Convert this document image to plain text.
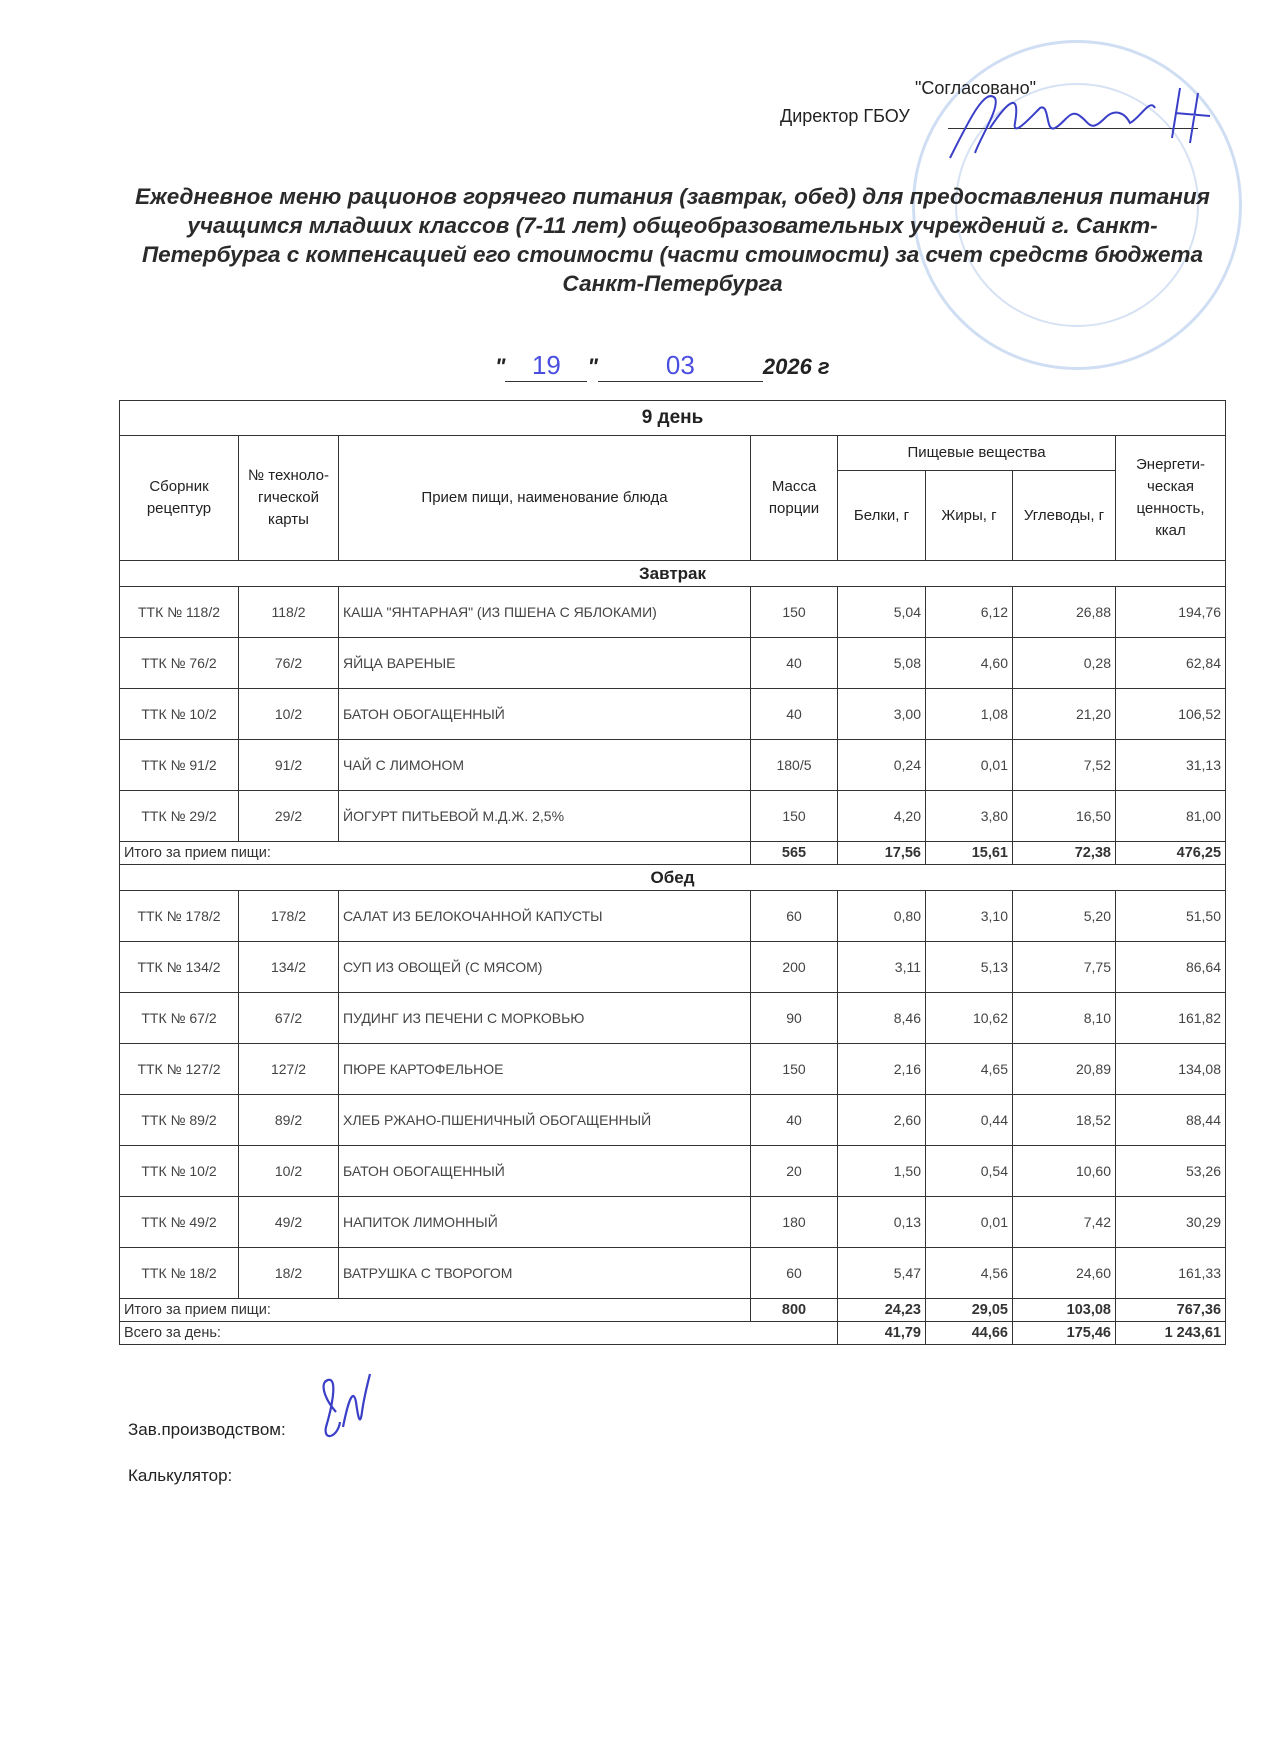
"Согласовано"
Директор ГБОУ
Ежедневное меню рационов горячего питания (завтрак, обед) для предоставления питания учащимся младших классов (7-11 лет) общеобразовательных учреждений г. Санкт-Петербурга с компенсацией его стоимости (части стоимости) за счет средств бюджета Санкт-Петербурга
" 19 "	03	2026 г
9 день							
Сборник рецептур	№ техноло-гической карты	Прием пищи, наименование блюда	Масса порции	Пищевые вещества			Энергети-ческая ценность, ккал
				Белки, г	Жиры, г	Углеводы, г	
Завтрак							
ТТК № 118/2	118/2	КАША "ЯНТАРНАЯ" (ИЗ ПШЕНА С ЯБЛОКАМИ)	150	5,04	6,12	26,88	194,76
ТТК № 76/2	76/2	ЯЙЦА ВАРЕНЫЕ	40	5,08	4,60	0,28	62,84
ТТК № 10/2	10/2	БАТОН ОБОГАЩЕННЫЙ	40	3,00	1,08	21,20	106,52
ТТК № 91/2	91/2	ЧАЙ С ЛИМОНОМ	180/5	0,24	0,01	7,52	31,13
ТТК № 29/2	29/2	ЙОГУРТ ПИТЬЕВОЙ М.Д.Ж. 2,5%	150	4,20	3,80	16,50	81,00
Итого за прием пищи:			565	17,56	15,61	72,38	476,25
Обед							
ТТК № 178/2	178/2	САЛАТ ИЗ БЕЛОКОЧАННОЙ КАПУСТЫ	60	0,80	3,10	5,20	51,50
ТТК № 134/2	134/2	СУП ИЗ ОВОЩЕЙ (С МЯСОМ)	200	3,11	5,13	7,75	86,64
ТТК № 67/2	67/2	ПУДИНГ ИЗ ПЕЧЕНИ С МОРКОВЬЮ	90	8,46	10,62	8,10	161,82
ТТК № 127/2	127/2	ПЮРЕ КАРТОФЕЛЬНОЕ	150	2,16	4,65	20,89	134,08
ТТК № 89/2	89/2	ХЛЕБ РЖАНО-ПШЕНИЧНЫЙ ОБОГАЩЕННЫЙ	40	2,60	0,44	18,52	88,44
ТТК № 10/2	10/2	БАТОН ОБОГАЩЕННЫЙ	20	1,50	0,54	10,60	53,26
ТТК № 49/2	49/2	НАПИТОК ЛИМОННЫЙ	180	0,13	0,01	7,42	30,29
ТТК № 18/2	18/2	ВАТРУШКА С ТВОРОГОМ	60	5,47	4,56	24,60	161,33
Итого за прием пищи:			800	24,23	29,05	103,08	767,36
Всего за день:				41,79	44,66	175,46	1 243,61
Зав.производством:
Калькулятор:
